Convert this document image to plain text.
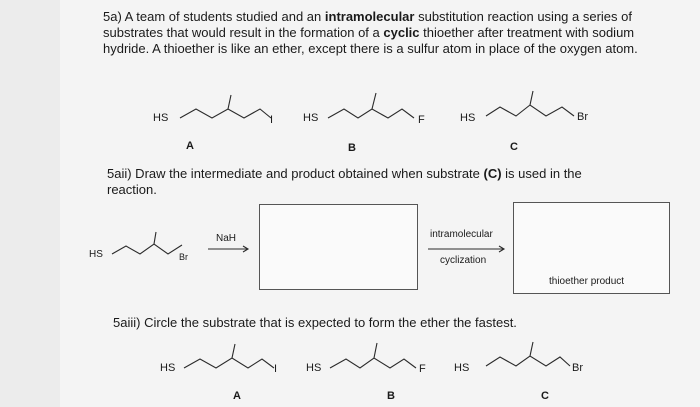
5a) A team of students studied and an intramolecular substitution reaction using a series of substrates that would result in the formation of a cyclic thioether after treatment with sodium hydride. A thioether is like an ether, except there is a sulfur atom in place of the oxygen atom.
HS	I
A
HS	F
B
HS	Br
C
5aii) Draw the intermediate and product obtained when substrate (C) is used in the reaction.
HS	Br
NaH	intramolecular
cyclization
thioether product
5aiii) Circle the substrate that is expected to form the ether the fastest.
HS	I
A
HS	F
B
HS	Br
C
